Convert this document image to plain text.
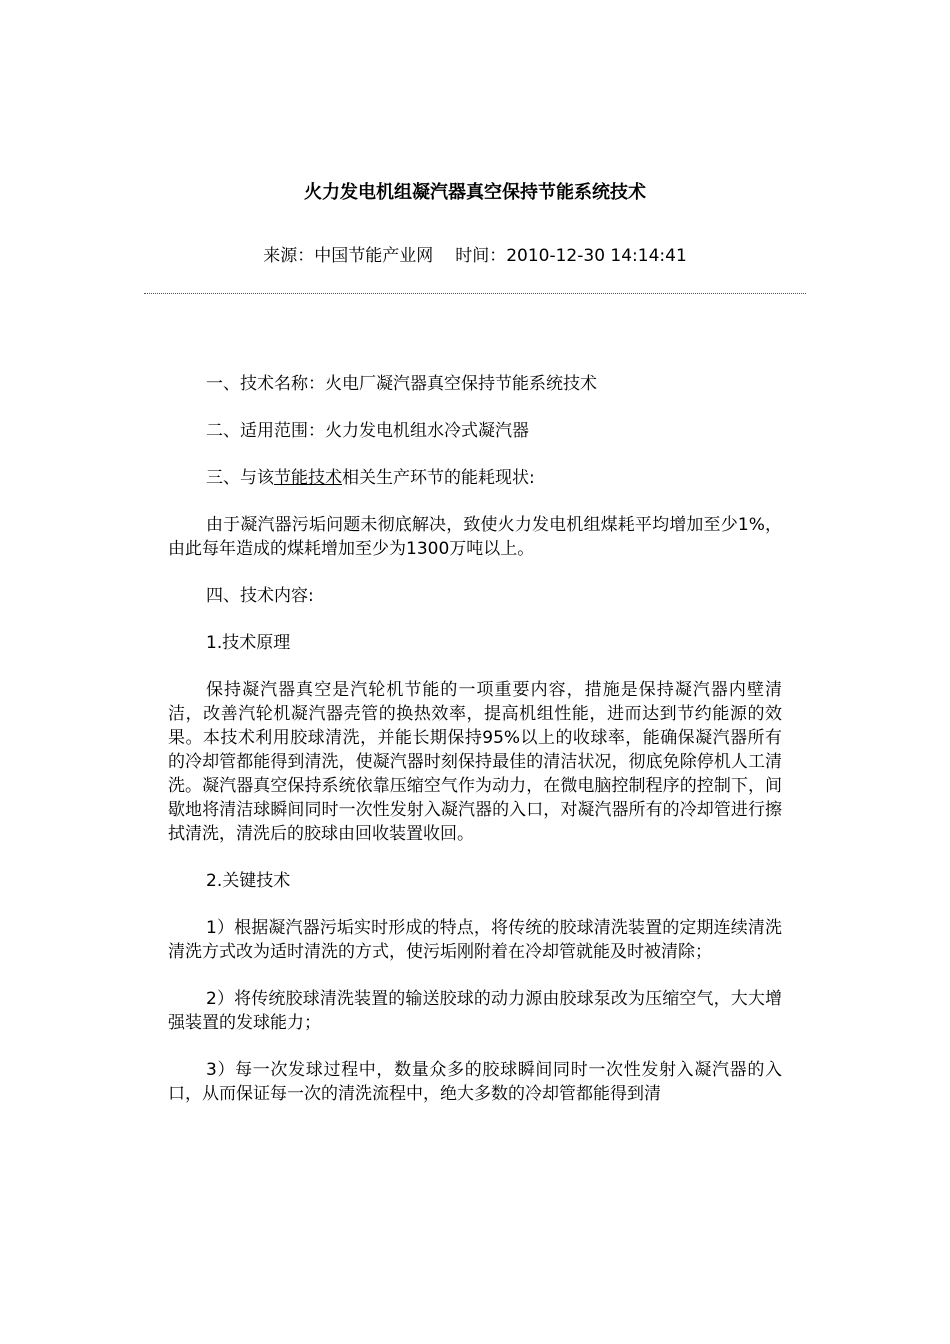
火力发电机组凝汽器真空保持节能系统技术
来源：中国节能产业网 时间：2010-12-30 14:14:41

一、技术名称：火电厂凝汽器真空保持节能系统技术

二、适用范围：火力发电机组水冷式凝汽器

三、与该节能技术相关生产环节的能耗现状:

由于凝汽器污垢问题未彻底解决，致使火力发电机组煤耗平均增加至少1%，由此每年造成的煤耗增加至少为1300万吨以上。

四、技术内容:

1.技术原理

保持凝汽器真空是汽轮机节能的一项重要内容，措施是保持凝汽器内壁清洁，改善汽轮机凝汽器壳管的换热效率，提高机组性能，进而达到节约能源的效果。本技术利用胶球清洗，并能长期保持95%以上的收球率，能确保凝汽器所有的冷却管都能得到清洗，使凝汽器时刻保持最佳的清洁状况，彻底免除停机人工清洗。凝汽器真空保持系统依靠压缩空气作为动力，在微电脑控制程序的控制下，间歇地将清洁球瞬间同时一次性发射入凝汽器的入口，对凝汽器所有的冷却管进行擦拭清洗，清洗后的胶球由回收装置收回。

2.关键技术

1）根据凝汽器污垢实时形成的特点，将传统的胶球清洗装置的定期连续清洗清洗方式改为适时清洗的方式，使污垢刚附着在冷却管就能及时被清除；

2）将传统胶球清洗装置的输送胶球的动力源由胶球泵改为压缩空气，大大增强装置的发球能力；

3）每一次发球过程中，数量众多的胶球瞬间同时一次性发射入凝汽器的入口，从而保证每一次的清洗流程中，绝大多数的冷却管都能得到清
